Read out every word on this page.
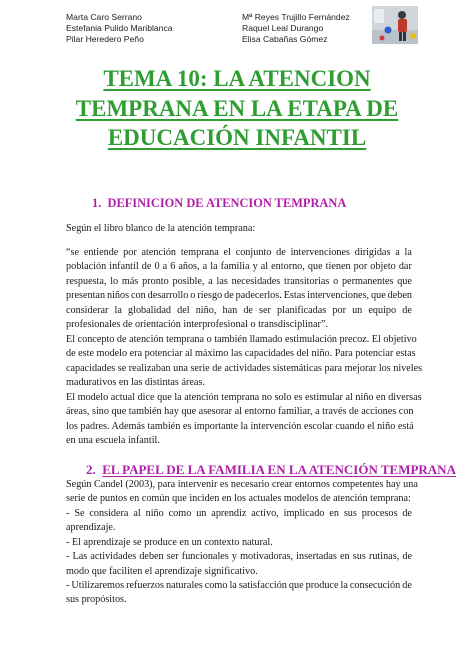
Marta Caro Serrano
Estefania Pulido Mariblanca
Pilar Heredero Peño
Mª Reyes Trujillo Fernández
Raquel Leal Durango
Elisa Cabañas Gómez
TEMA 10: LA ATENCION
TEMPRANA EN LA ETAPA DE
EDUCACIÓN INFANTIL
1. DEFINICION DE ATENCION TEMPRANA
Según el libro blanco de la atención temprana:
“se entiende por atención temprana el conjunto de intervenciones dirigidas a la
población infantil de 0 a 6 años, a la familia y al entorno, que tienen por objeto dar
respuesta, lo más pronto posible, a las necesidades transitorias o permanentes que
presentan niños con desarrollo o riesgo de padecerlos. Estas intervenciones, que deben
considerar la globalidad del niño, han de ser planificadas por un equipo de
profesionales de orientación interprofesional o transdisciplinar”.
El concepto de atención temprana o también llamado estimulación precoz. El objetivo
de este modelo era potenciar al máximo las capacidades del niño. Para potenciar estas
capacidades se realizaban una serie de actividades sistemáticas para mejorar los niveles
madurativos en las distintas áreas.
El modelo actual dice que la atención temprana no solo es estimular al niño en diversas
áreas, sino que también hay que asesorar al entorno familiar, a través de acciones con
los padres. Además también es importante la intervención escolar cuando el niño está
en una escuela infantil.
2. EL PAPEL DE LA FAMILIA EN LA ATENCIÓN TEMPRANA
Según Candel (2003), para intervenir es necesario crear entornos competentes hay una
serie de puntos en común que inciden en los actuales modelos de atención temprana:
- Se considera al niño como un aprendiz activo, implicado en sus procesos de
aprendizaje.
- El aprendizaje se produce en un contexto natural.
- Las actividades deben ser funcionales y motivadoras, insertadas en sus rutinas, de
modo que faciliten el aprendizaje significativo.
- Utilizaremos refuerzos naturales como la satisfacción que produce la consecución de
sus propósitos.
